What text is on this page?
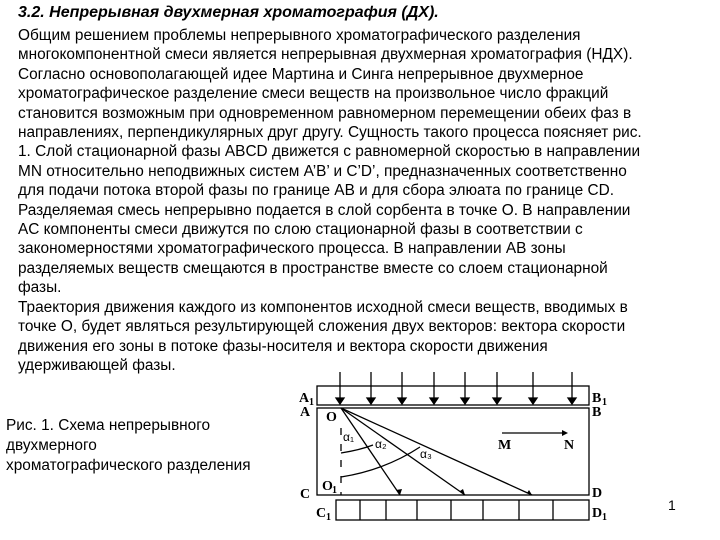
3.2. Непрерывная двухмерная хроматография (ДХ).
Общим решением проблемы непрерывного хроматографического разделения
многокомпонентной смеси является непрерывная двухмерная хроматография (НДХ).
Согласно основополагающей идее Мартина и Синга непрерывное двухмерное
хроматографическое разделение смеси веществ на произвольное число фракций
становится возможным при одновременном равномерном перемещении обеих фаз в
направлениях, перпендикулярных друг другу. Сущность такого процесса поясняет рис.
1. Слой стационарной фазы ABCD движется с равномерной скоростью в направлении
MN относительно неподвижных систем A’B’ и C’D’, предназначенных соответственно
для подачи потока второй фазы по границе AB и для сбора элюата по границе CD.
Разделяемая смесь непрерывно подается в слой сорбента в точке O. В направлении
AC компоненты смеси движутся по слою стационарной фазы в соответствии с
закономерностями хроматографического процесса. В направлении AB зоны
разделяемых веществ смещаются в пространстве вместе со слоем стационарной
фазы.
Траектория движения каждого из компонентов исходной смеси веществ, вводимых в
точке O, будет являться результирующей сложения двух векторов: вектора скорости
движения его зоны в потоке фазы-носителя и вектора скорости движения
удерживающей фазы.
Рис. 1. Схема непрерывного
двухмерного
хроматографического разделения
A 1	B 1
A	B
O
C	D
O 1
C 1	D 1
M	N
α₁ α₂
α₃
1
